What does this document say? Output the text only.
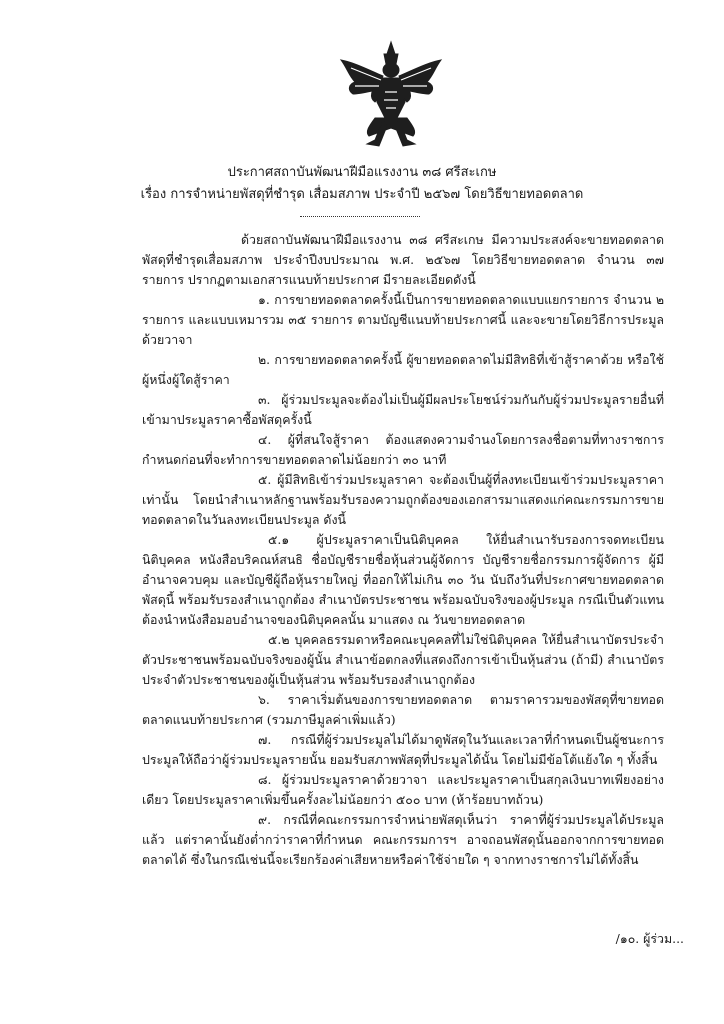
ประกาศสถาบันพัฒนาฝีมือแรงงาน ๓๘ ศรีสะเกษ
เรื่อง การจำหน่ายพัสดุที่ชำรุด เสื่อมสภาพ ประจำปี ๒๕๖๗ โดยวิธีขายทอดตลาด

ด้วยสถาบันพัฒนาฝีมือแรงงาน ๓๘ ศรีสะเกษ มีความประสงค์จะขายทอดตลาดพัสดุที่ชำรุดเสื่อมสภาพ ประจำปีงบประมาณ พ.ศ. ๒๕๖๗ โดยวิธีขายทอดตลาด จำนวน ๓๗ รายการ ปรากฏตามเอกสารแนบท้ายประกาศ มีรายละเอียดดังนี้

๑. การขายทอดตลาดครั้งนี้เป็นการขายทอดตลาดแบบแยกรายการ จำนวน ๒ รายการ และแบบเหมารวม ๓๕ รายการ ตามบัญชีแนบท้ายประกาศนี้ และจะขายโดยวิธีการประมูลด้วยวาจา

๒. การขายทอดตลาดครั้งนี้ ผู้ขายทอดตลาดไม่มีสิทธิที่เข้าสู้ราคาด้วย หรือใช้ผู้หนึ่งผู้ใดสู้ราคา

๓. ผู้ร่วมประมูลจะต้องไม่เป็นผู้มีผลประโยชน์ร่วมกันกับผู้ร่วมประมูลรายอื่นที่เข้ามาประมูลราคาซื้อพัสดุครั้งนี้

๔. ผู้ที่สนใจสู้ราคา ต้องแสดงความจำนงโดยการลงชื่อตามที่ทางราชการกำหนดก่อนที่จะทำการขายทอดตลาดไม่น้อยกว่า ๓๐ นาที

๕. ผู้มีสิทธิเข้าร่วมประมูลราคา จะต้องเป็นผู้ที่ลงทะเบียนเข้าร่วมประมูลราคาเท่านั้น โดยนำสำเนาหลักฐานพร้อมรับรองความถูกต้องของเอกสารมาแสดงแก่คณะกรรมการขายทอดตลาดในวันลงทะเบียนประมูล ดังนี้

๕.๑ ผู้ประมูลราคาเป็นนิติบุคคล ให้ยื่นสำเนารับรองการจดทะเบียนนิติบุคคล หนังสือบริคณห์สนธิ ชื่อบัญชีรายชื่อหุ้นส่วนผู้จัดการ บัญชีรายชื่อกรรมการผู้จัดการ ผู้มีอำนาจควบคุม และบัญชีผู้ถือหุ้นรายใหญ่ ที่ออกให้ไม่เกิน ๓๐ วัน นับถึงวันที่ประกาศขายทอดตลาดพัสดุนี้ พร้อมรับรองสำเนาถูกต้อง สำเนาบัตรประชาชน พร้อมฉบับจริงของผู้ประมูล กรณีเป็นตัวแทน ต้องนำหนังสือมอบอำนาจของนิติบุคคลนั้น มาแสดง ณ วันขายทอดตลาด

๕.๒ บุคคลธรรมดาหรือคณะบุคคลที่ไม่ใช่นิติบุคคล ให้ยื่นสำเนาบัตรประจำตัวประชาชนพร้อมฉบับจริงของผู้นั้น สำเนาข้อตกลงที่แสดงถึงการเข้าเป็นหุ้นส่วน (ถ้ามี) สำเนาบัตรประจำตัวประชาชนของผู้เป็นหุ้นส่วน พร้อมรับรองสำเนาถูกต้อง

๖. ราคาเริ่มต้นของการขายทอดตลาด ตามราคารวมของพัสดุที่ขายทอดตลาดแนบท้ายประกาศ (รวมภาษีมูลค่าเพิ่มแล้ว)

๗. กรณีที่ผู้ร่วมประมูลไม่ได้มาดูพัสดุในวันและเวลาที่กำหนดเป็นผู้ชนะการประมูลให้ถือว่าผู้ร่วมประมูลรายนั้น ยอมรับสภาพพัสดุที่ประมูลได้นั้น โดยไม่มีข้อโต้แย้งใด ๆ ทั้งสิ้น

๘. ผู้ร่วมประมูลราคาด้วยวาจา และประมูลราคาเป็นสกุลเงินบาทเพียงอย่างเดียว โดยประมูลราคาเพิ่มขึ้นครั้งละไม่น้อยกว่า ๕๐๐ บาท (ห้าร้อยบาทถ้วน)

๙. กรณีที่คณะกรรมการจำหน่ายพัสดุเห็นว่า ราคาที่ผู้ร่วมประมูลได้ประมูลแล้ว แต่ราคานั้นยังต่ำกว่าราคาที่กำหนด คณะกรรมการฯ อาจถอนพัสดุนั้นออกจากการขายทอดตลาดได้ ซึ่งในกรณีเช่นนี้จะเรียกร้องค่าเสียหายหรือค่าใช้จ่ายใด ๆ จากทางราชการไม่ได้ทั้งสิ้น

/๑๐. ผู้ร่วม...
